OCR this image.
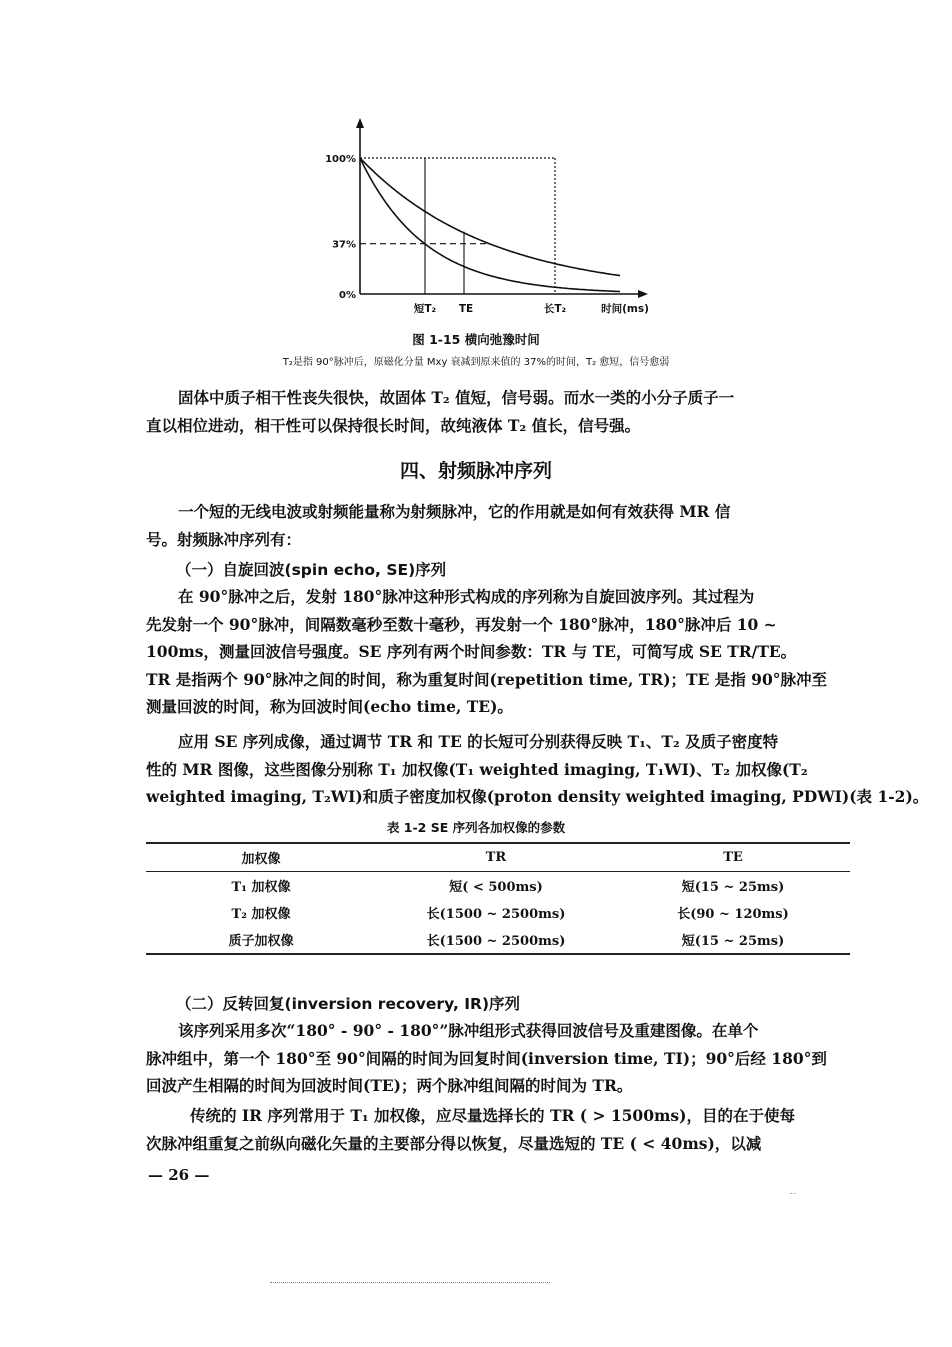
100%
37%
0%
短T₂ TE	长T₂	时间(ms)
图 1-15 横向弛豫时间
T₂是指 90°脉冲后，原磁化分量 Mxy 衰减到原来值的 37%的时间，T₂ 愈短，信号愈弱
固体中质子相干性丧失很快，故固体 T₂ 值短，信号弱。而水一类的小分子质子一
直以相位进动，相干性可以保持很长时间，故纯液体 T₂ 值长，信号强。
四、射频脉冲序列
一个短的无线电波或射频能量称为射频脉冲，它的作用就是如何有效获得 MR 信
号。射频脉冲序列有：
（一）自旋回波(spin echo, SE)序列
在 90°脉冲之后，发射 180°脉冲这种形式构成的序列称为自旋回波序列。其过程为
先发射一个 90°脉冲，间隔数毫秒至数十毫秒，再发射一个 180°脉冲，180°脉冲后 10 ~
100ms，测量回波信号强度。SE 序列有两个时间参数：TR 与 TE，可简写成 SE TR/TE。
TR 是指两个 90°脉冲之间的时间，称为重复时间(repetition time, TR)；TE 是指 90°脉冲至
测量回波的时间，称为回波时间(echo time, TE)。
应用 SE 序列成像，通过调节 TR 和 TE 的长短可分别获得反映 T₁、T₂ 及质子密度特
性的 MR 图像，这些图像分别称 T₁ 加权像(T₁ weighted imaging, T₁WI)、T₂ 加权像(T₂
weighted imaging, T₂WI)和质子密度加权像(proton density weighted imaging, PDWI)(表 1-2)。
表 1-2 SE 序列各加权像的参数
加权像	TR	TE
T₁ 加权像	短( < 500ms)	短(15 ~ 25ms)
T₂ 加权像	长(1500 ~ 2500ms)	长(90 ~ 120ms)
质子加权像	长(1500 ~ 2500ms)	短(15 ~ 25ms)
（二）反转回复(inversion recovery, IR)序列
该序列采用多次“180° - 90° - 180°”脉冲组形式获得回波信号及重建图像。在单个
脉冲组中，第一个 180°至 90°间隔的时间为回复时间(inversion time, TI)；90°后经 180°到
回波产生相隔的时间为回波时间(TE)；两个脉冲组间隔的时间为 TR。
传统的 IR 序列常用于 T₁ 加权像，应尽量选择长的 TR ( > 1500ms)，目的在于使每
次脉冲组重复之前纵向磁化矢量的主要部分得以恢复，尽量选短的 TE ( < 40ms)，以减
— 26 —
